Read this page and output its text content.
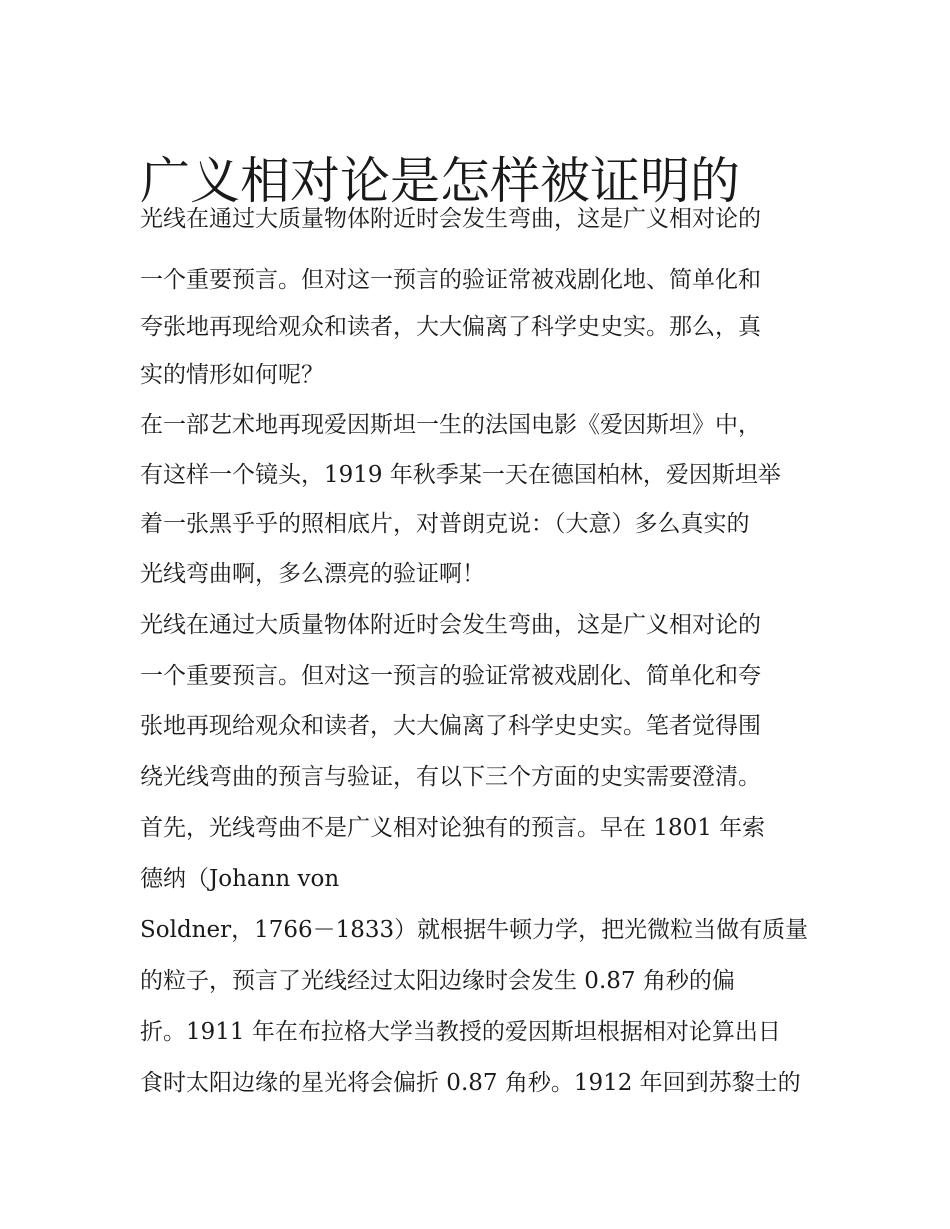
广义相对论是怎样被证明的
光线在通过大质量物体附近时会发生弯曲，这是广义相对论的
一个重要预言。但对这一预言的验证常被戏剧化地、简单化和
夸张地再现给观众和读者，大大偏离了科学史史实。那么，真
实的情形如何呢？
在一部艺术地再现爱因斯坦一生的法国电影《爱因斯坦》中，
有这样一个镜头，1919 年秋季某一天在德国柏林，爱因斯坦举
着一张黑乎乎的照相底片，对普朗克说：（大意）多么真实的
光线弯曲啊，多么漂亮的验证啊！
光线在通过大质量物体附近时会发生弯曲，这是广义相对论的
一个重要预言。但对这一预言的验证常被戏剧化、简单化和夸
张地再现给观众和读者，大大偏离了科学史史实。笔者觉得围
绕光线弯曲的预言与验证，有以下三个方面的史实需要澄清。
首先，光线弯曲不是广义相对论独有的预言。早在 1801 年索
德纳（Johann von
Soldner，1766－1833）就根据牛顿力学，把光微粒当做有质量
的粒子，预言了光线经过太阳边缘时会发生 0.87 角秒的偏
折。1911 年在布拉格大学当教授的爱因斯坦根据相对论算出日
食时太阳边缘的星光将会偏折 0.87 角秒。1912 年回到苏黎士的
